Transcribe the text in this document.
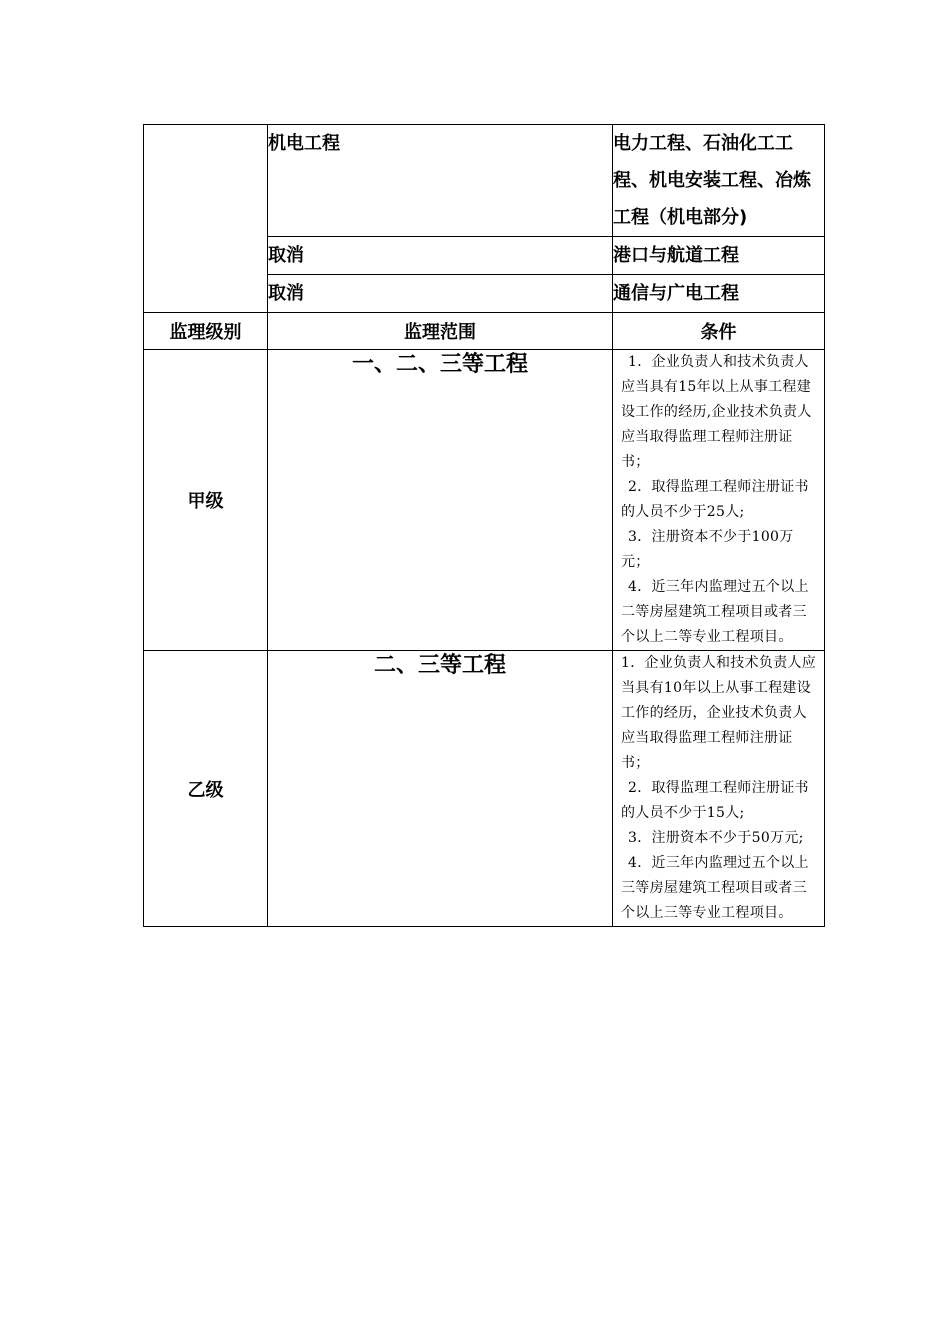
	机电工程	电力工程、石油化工工程、机电安装工程、冶炼工程（机电部分)
	取消	港口与航道工程
	取消	通信与广电工程
监理级别	监理范围	条件
甲级	一、二、三等工程	1．企业负责人和技术负责人应当具有15年以上从事工程建设工作的经历,企业技术负责人应当取得监理工程师注册证书；

2．取得监理工程师注册证书的人员不少于25人;

3．注册资本不少于100万元；

4．近三年内监理过五个以上二等房屋建筑工程项目或者三个以上二等专业工程项目。

乙级	二、三等工程	1．企业负责人和技术负责人应当具有10年以上从事工程建设工作的经历，企业技术负责人应当取得监理工程师注册证书；

2．取得监理工程师注册证书的人员不少于15人;

3．注册资本不少于50万元;

4．近三年内监理过五个以上三等房屋建筑工程项目或者三个以上三等专业工程项目。
